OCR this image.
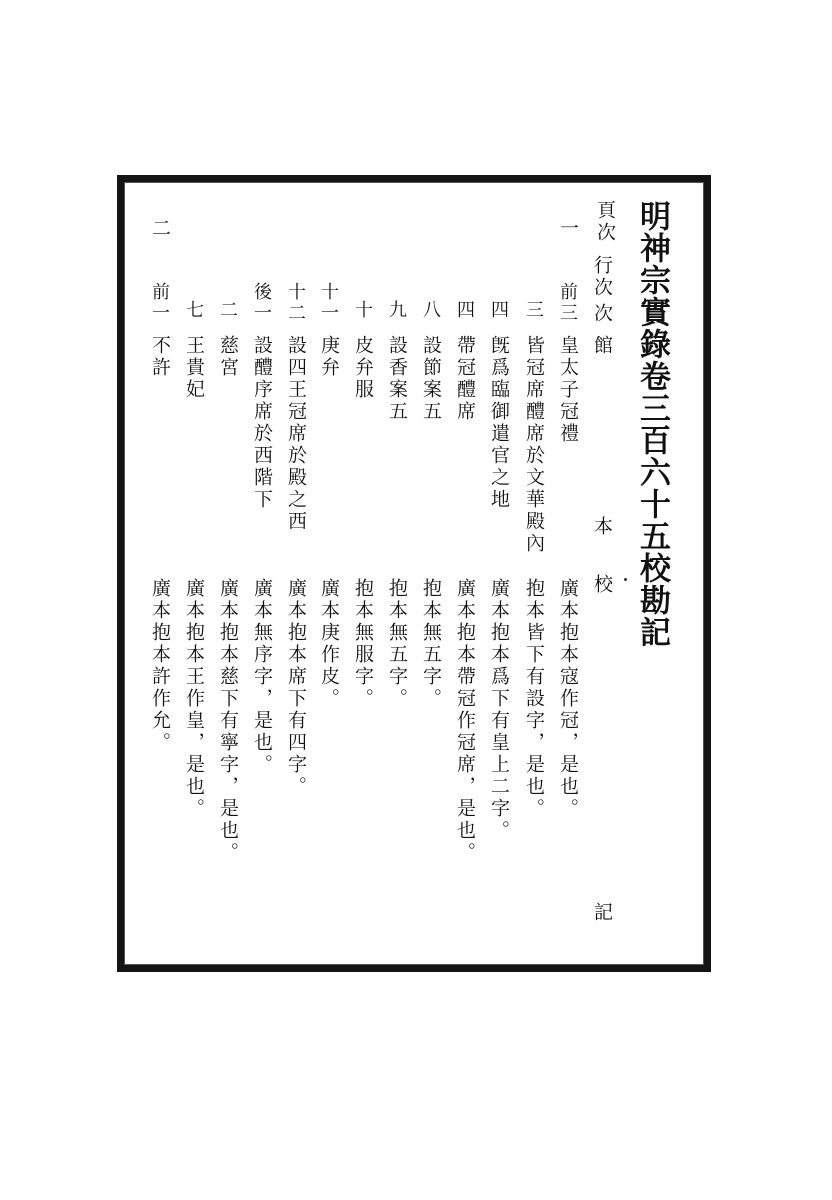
明神宗實錄卷三百六十五校勘記
頁次
行次
次
館
本
校
記
一
二
前三
皇太子冠禮
廣本抱本寇作冠，是也。
三
皆冠席醴席於文華殿內
抱本皆下有設字，是也。
四
旣爲臨御遣官之地
廣本抱本爲下有皇上二字。
四
帶冠醴席
廣本抱本帶冠作冠席，是也。
八
設節案五
抱本無五字。
九
設香案五
抱本無五字。
十
皮弁服
抱本無服字。
十一
庚弁
廣本庚作皮。
十二
設四王冠席於殿之西
廣本抱本席下有四字。
後一
設醴序席於西階下
廣本無序字，是也。
二
慈宮
廣本抱本慈下有寧字，是也。
七
王貴妃
廣本抱本王作皇，是也。
前一
不許
廣本抱本許作允。
